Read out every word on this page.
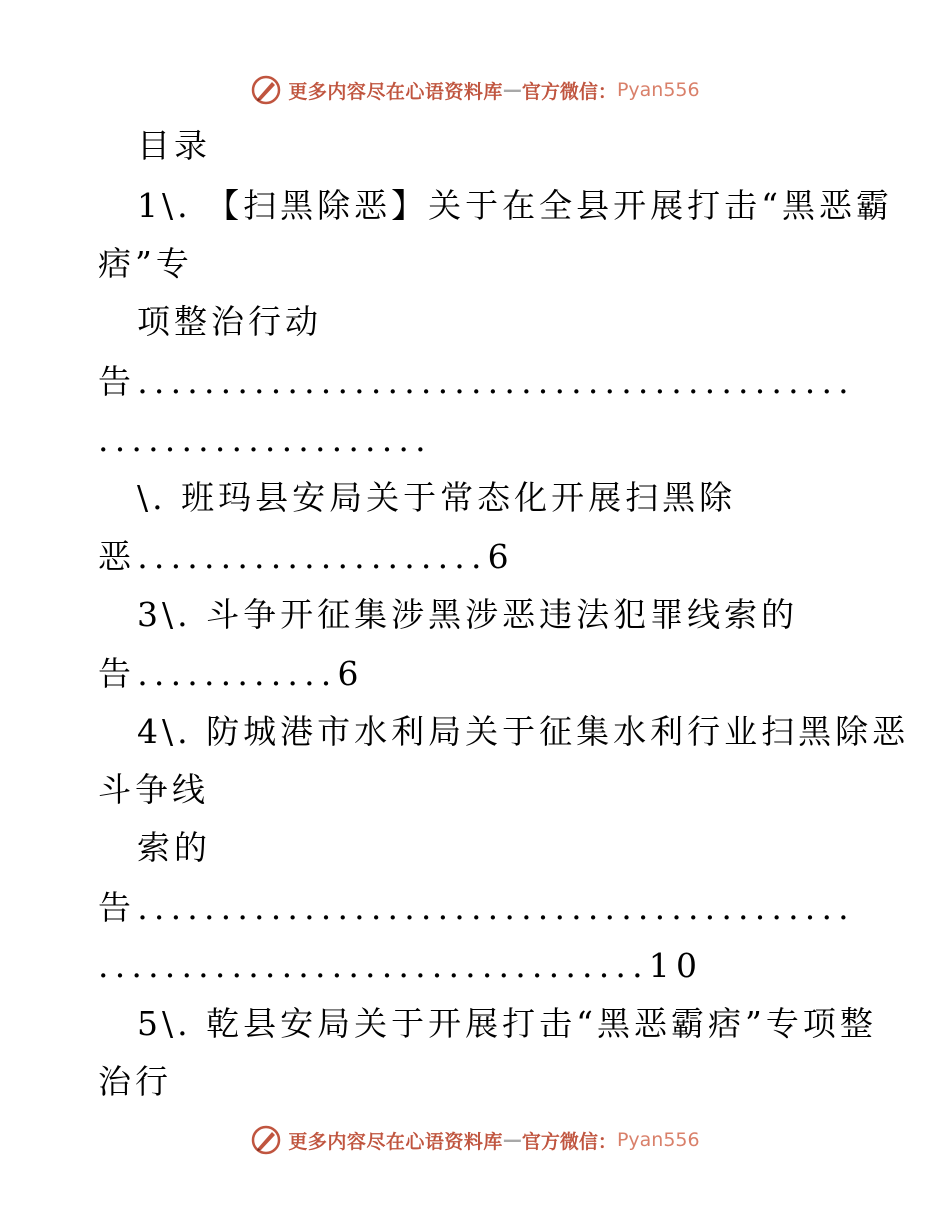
更多内容尽在心语资料库 — 官方微信： Pyan556
目录
1\. 【扫黑除恶】关于在全县开展打击“黑恶霸
痞”专
项整治行动
告...........................................
....................
\. 班玛县安局关于常态化开展扫黑除
恶.....................6
3\. 斗争开征集涉黑涉恶违法犯罪线索的
告............6
4\. 防城港市水利局关于征集水利行业扫黑除恶
斗争线
索的
告...........................................
.................................10
5\. 乾县安局关于开展打击“黑恶霸痞”专项整
治行
更多内容尽在心语资料库 — 官方微信： Pyan556
